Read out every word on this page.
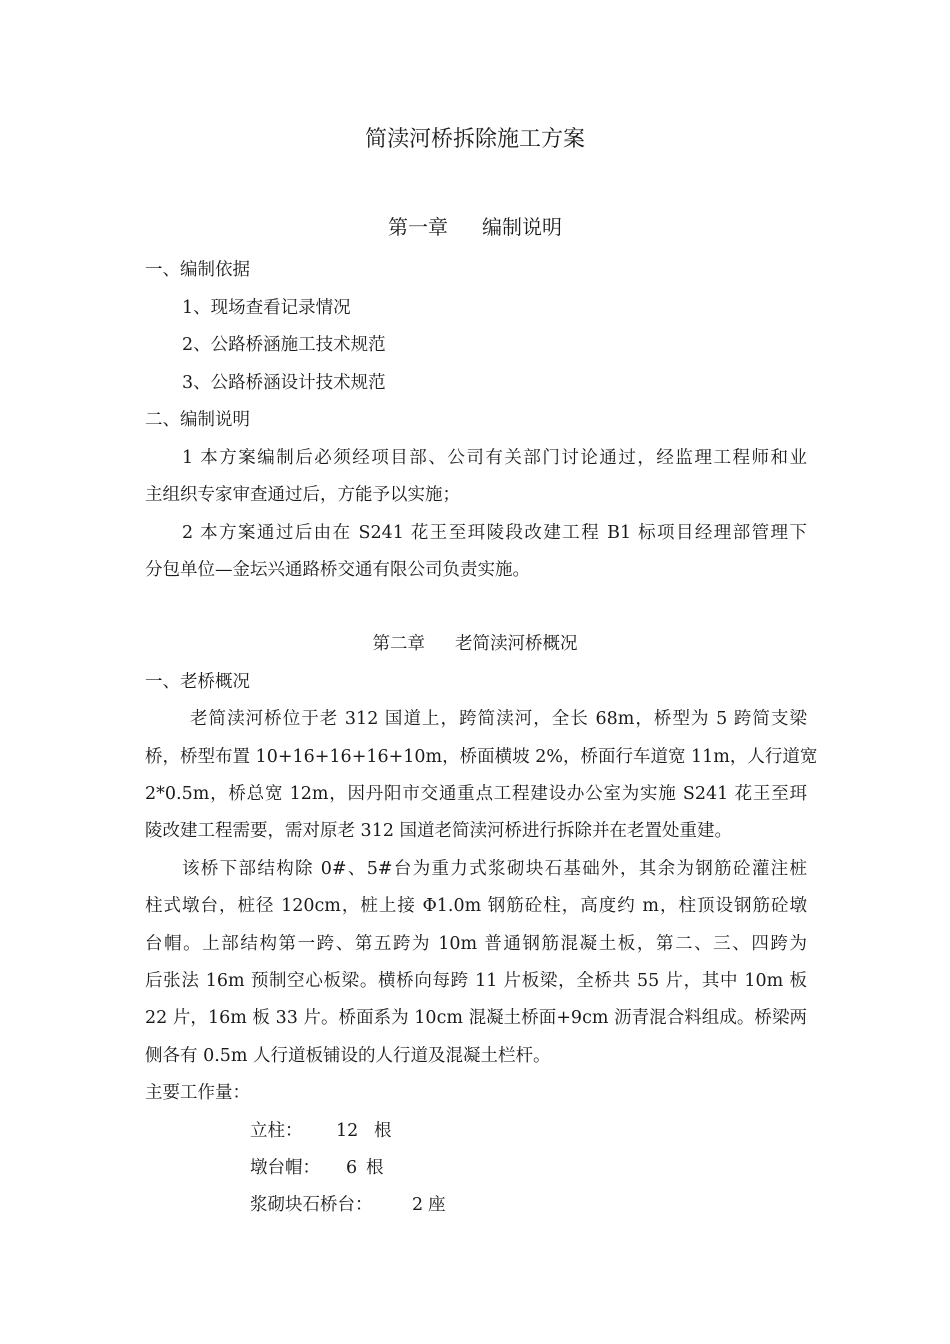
简渎河桥拆除施工方案
第一章 编制说明
一、编制依据
1、现场查看记录情况
2、公路桥涵施工技术规范
3、公路桥涵设计技术规范
二、编制说明
1 本方案编制后必须经项目部、公司有关部门讨论通过，经监理工程师和业
主组织专家审查通过后，方能予以实施；
2 本方案通过后由在 S241 花王至珥陵段改建工程 B1 标项目经理部管理下
分包单位—金坛兴通路桥交通有限公司负责实施。
第二章 老简渎河桥概况
一、老桥概况
老简渎河桥位于老 312 国道上，跨简渎河，全长 68m，桥型为 5 跨简支梁
桥，桥型布置 10+16+16+16+10m，桥面横坡 2%，桥面行车道宽 11m，人行道宽
2*0.5m，桥总宽 12m，因丹阳市交通重点工程建设办公室为实施 S241 花王至珥
陵改建工程需要，需对原老 312 国道老简渎河桥进行拆除并在老置处重建。
该桥下部结构除 0#、5#台为重力式浆砌块石基础外，其余为钢筋砼灌注桩
柱式墩台，桩径 120cm，桩上接 Φ1.0m 钢筋砼柱，高度约 m，柱顶设钢筋砼墩
台帽。上部结构第一跨、第五跨为 10m 普通钢筋混凝土板，第二、三、四跨为
后张法 16m 预制空心板梁。横桥向每跨 11 片板梁，全桥共 55 片，其中 10m 板
22 片，16m 板 33 片。桥面系为 10cm 混凝土桥面+9cm 沥青混合料组成。桥梁两
侧各有 0.5m 人行道板铺设的人行道及混凝土栏杆。
主要工作量：
立柱： 12 根
墩台帽： 6 根
浆砌块石桥台： 2 座
